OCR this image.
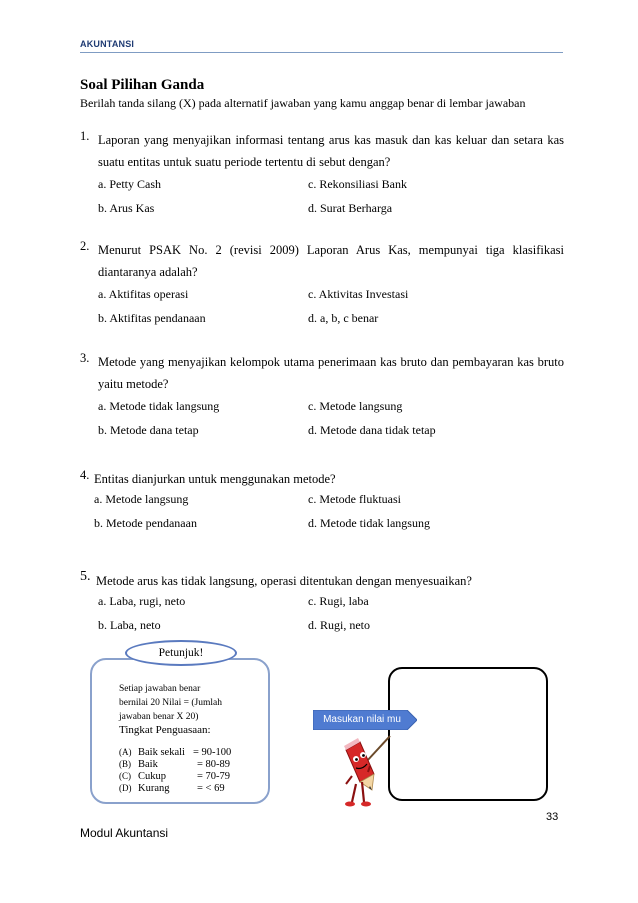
AKUNTANSI
Soal Pilihan Ganda
Berilah tanda silang (X) pada alternatif jawaban yang kamu anggap benar di lembar jawaban
1. Laporan yang menyajikan informasi tentang arus kas masuk dan kas keluar dan setara kas suatu entitas untuk suatu periode tertentu di sebut dengan?
a. Petty Cash
b. Arus Kas
c. Rekonsiliasi Bank
d. Surat Berharga
2. Menurut PSAK No. 2 (revisi 2009) Laporan Arus Kas, mempunyai tiga klasifikasi diantaranya adalah?
a. Aktifitas operasi
b. Aktifitas pendanaan
c. Aktivitas Investasi
d. a, b, c benar
3. Metode yang menyajikan kelompok utama penerimaan kas bruto dan pembayaran kas bruto yaitu metode?
a. Metode tidak langsung
b. Metode dana tetap
c. Metode langsung
d. Metode dana tidak tetap
4. Entitas dianjurkan untuk menggunakan metode?
a. Metode langsung
b. Metode pendanaan
c. Metode fluktuasi
d. Metode tidak langsung
5. Metode arus kas tidak langsung, operasi ditentukan dengan menyesuaikan?
a. Laba, rugi, neto
b. Laba, neto
c. Rugi, laba
d. Rugi, neto
Petunjuk!
Setiap jawaban benar
bernilai 20 Nilai = (Jumlah
jawaban benar X 20)
Tingkat Penguasaan:
(A) Baik sekali = 90-100
(B) Baik	= 80-89
(C) Cukup	= 70-79
(D) Kurang	= < 69
Masukan nilai mu
33
Modul Akuntansi
